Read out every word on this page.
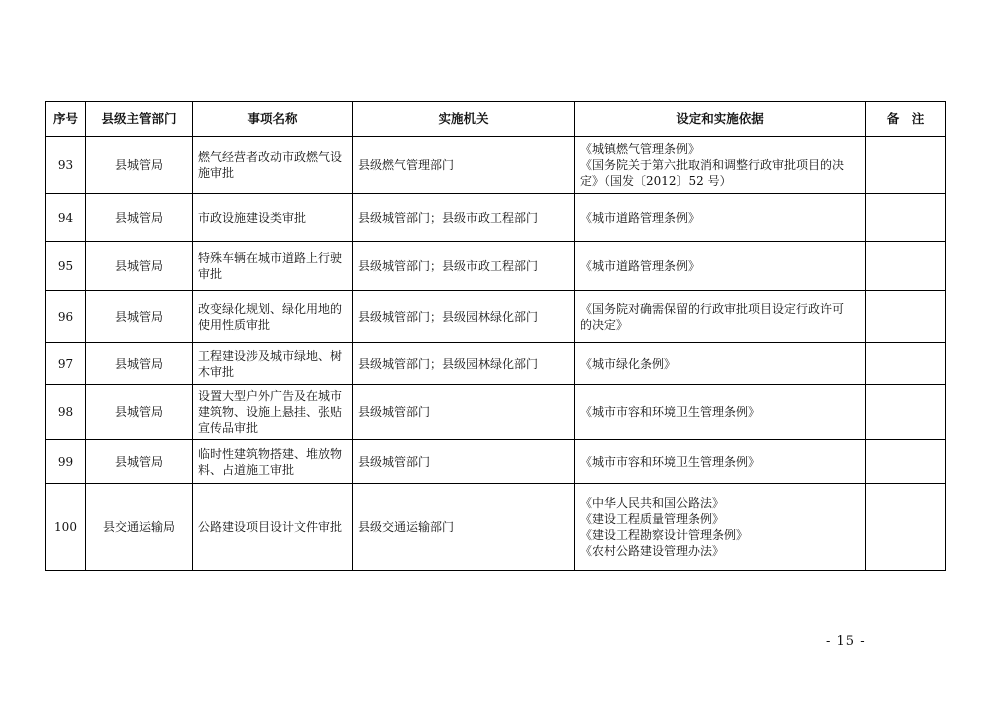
序号	县级主管部门	事项名称	实施机关	设定和实施依据	备　注
93	县城管局	燃气经营者改动市政燃气设施审批	县级燃气管理部门	《城镇燃气管理条例》
《国务院关于第六批取消和调整行政审批项目的决
定》（国发〔2012〕52 号）	

94	县城管局	市政设施建设类审批	县级城管部门；县级市政工程部门	《城市道路管理条例》	

95	县城管局	特殊车辆在城市道路上行驶审批	县级城管部门；县级市政工程部门	《城市道路管理条例》	

96	县城管局	改变绿化规划、绿化用地的使用性质审批	县级城管部门；县级园林绿化部门	《国务院对确需保留的行政审批项目设定行政许可
的决定》	

97	县城管局	工程建设涉及城市绿地、树木审批	县级城管部门；县级园林绿化部门	《城市绿化条例》	

98	县城管局	设置大型户外广告及在城市建筑物、设施上悬挂、张贴宣传品审批	县级城管部门	《城市市容和环境卫生管理条例》	

99	县城管局	临时性建筑物搭建、堆放物料、占道施工审批	县级城管部门	《城市市容和环境卫生管理条例》	

100	县交通运输局	公路建设项目设计文件审批	县级交通运输部门	《中华人民共和国公路法》
《建设工程质量管理条例》
《建设工程勘察设计管理条例》
《农村公路建设管理办法》	

- 15 -
